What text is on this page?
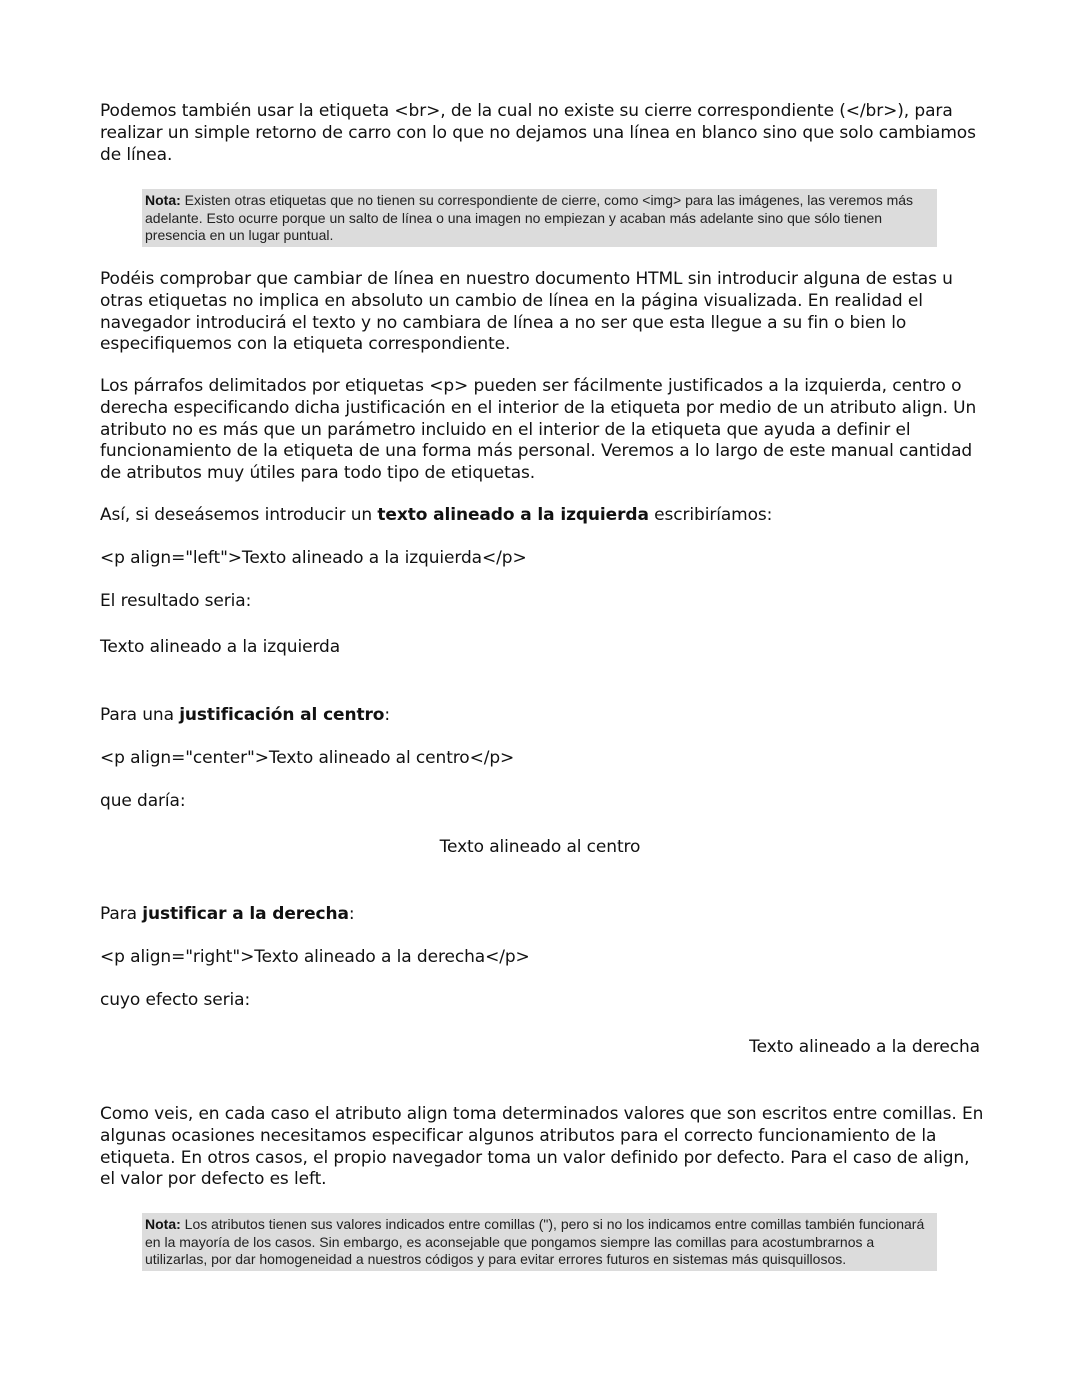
Podemos también usar la etiqueta <br>, de la cual no existe su cierre correspondiente (</br>), para realizar un simple retorno de carro con lo que no dejamos una línea en blanco sino que solo cambiamos de línea.

Nota: Existen otras etiquetas que no tienen su correspondiente de cierre, como <img> para las imágenes, las veremos más adelante. Esto ocurre porque un salto de línea o una imagen no empiezan y acaban más adelante sino que sólo tienen presencia en un lugar puntual.

Podéis comprobar que cambiar de línea en nuestro documento HTML sin introducir alguna de estas u otras etiquetas no implica en absoluto un cambio de línea en la página visualizada. En realidad el navegador introducirá el texto y no cambiara de línea a no ser que esta llegue a su fin o bien lo especifiquemos con la etiqueta correspondiente.

Los párrafos delimitados por etiquetas <p> pueden ser fácilmente justificados a la izquierda, centro o derecha especificando dicha justificación en el interior de la etiqueta por medio de un atributo align. Un atributo no es más que un parámetro incluido en el interior de la etiqueta que ayuda a definir el funcionamiento de la etiqueta de una forma más personal. Veremos a lo largo de este manual cantidad de atributos muy útiles para todo tipo de etiquetas.

Así, si deseásemos introducir un texto alineado a la izquierda escribiríamos:

<p align="left">Texto alineado a la izquierda</p>

El resultado seria:

Texto alineado a la izquierda

Para una justificación al centro:

<p align="center">Texto alineado al centro</p>

que daría:

Texto alineado al centro

Para justificar a la derecha:

<p align="right">Texto alineado a la derecha</p>

cuyo efecto seria:

Texto alineado a la derecha

Como veis, en cada caso el atributo align toma determinados valores que son escritos entre comillas. En algunas ocasiones necesitamos especificar algunos atributos para el correcto funcionamiento de la etiqueta. En otros casos, el propio navegador toma un valor definido por defecto. Para el caso de align, el valor por defecto es left.

Nota: Los atributos tienen sus valores indicados entre comillas ("), pero si no los indicamos entre comillas también funcionará en la mayoría de los casos. Sin embargo, es aconsejable que pongamos siempre las comillas para acostumbrarnos a utilizarlas, por dar homogeneidad a nuestros códigos y para evitar errores futuros en sistemas más quisquillosos.
